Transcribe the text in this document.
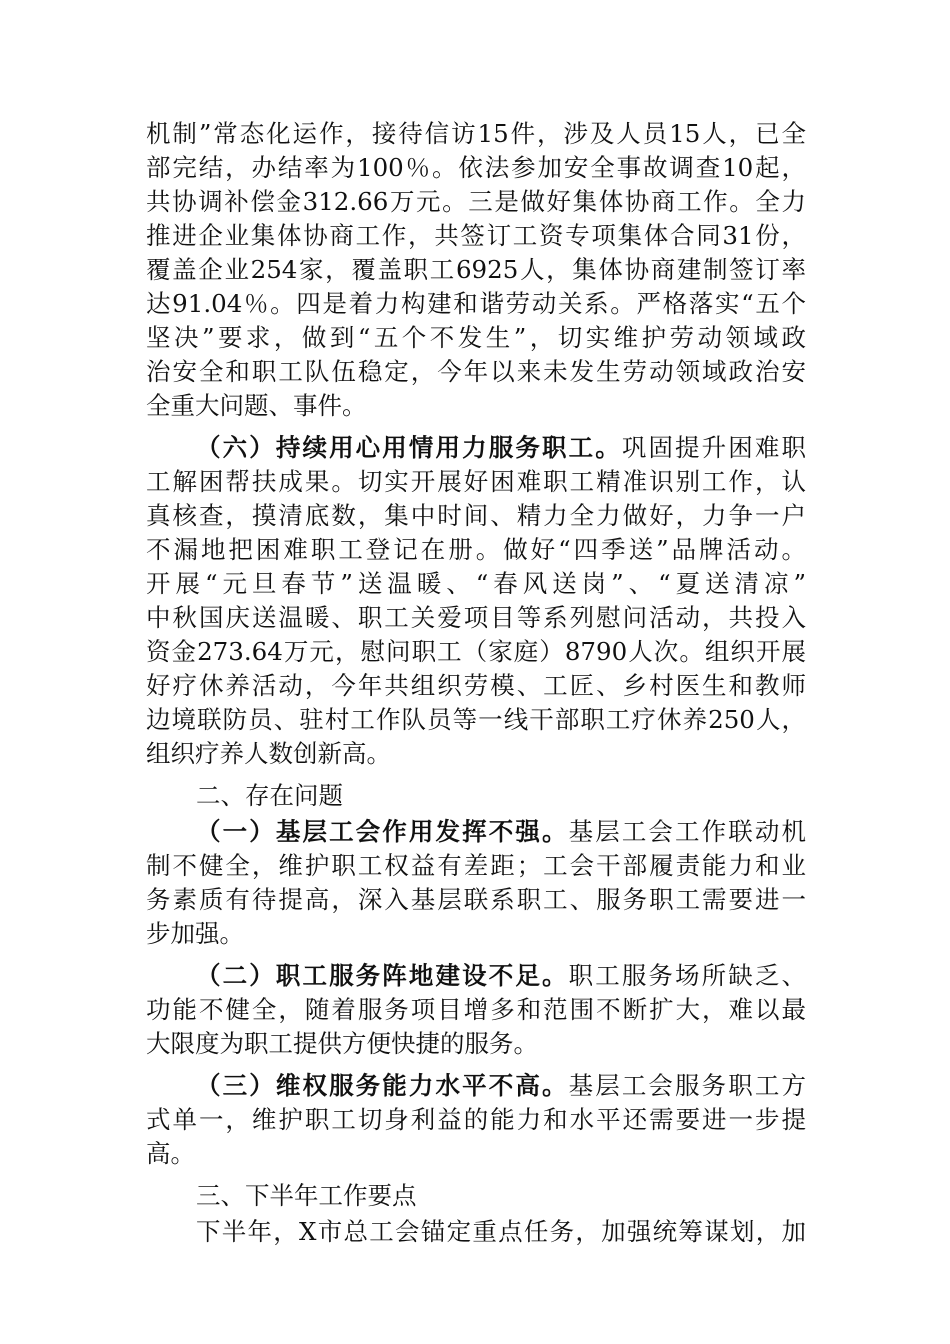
机制”常态化运作，接待信访15件，涉及人员15人，已全
部完结，办结率为100％。依法参加安全事故调查10起，
共协调补偿金312.66万元。三是做好集体协商工作。全力
推进企业集体协商工作，共签订工资专项集体合同31份，
覆盖企业254家，覆盖职工6925人，集体协商建制签订率
达91.04％。四是着力构建和谐劳动关系。严格落实“五个
坚决”要求，做到“五个不发生”，切实维护劳动领域政
治安全和职工队伍稳定，今年以来未发生劳动领域政治安
全重大问题、事件。
（六）持续用心用情用力服务职工。巩固提升困难职
工解困帮扶成果。切实开展好困难职工精准识别工作，认
真核查，摸清底数，集中时间、精力全力做好，力争一户
不漏地把困难职工登记在册。做好“四季送”品牌活动。
开展“元旦春节”送温暖、“春风送岗”、“夏送清凉”
中秋国庆送温暖、职工关爱项目等系列慰问活动，共投入
资金273.64万元，慰问职工（家庭）8790人次。组织开展
好疗休养活动，今年共组织劳模、工匠、乡村医生和教师
边境联防员、驻村工作队员等一线干部职工疗休养250人，
组织疗养人数创新高。
二、存在问题
（一）基层工会作用发挥不强。基层工会工作联动机
制不健全，维护职工权益有差距；工会干部履责能力和业
务素质有待提高，深入基层联系职工、服务职工需要进一
步加强。
（二）职工服务阵地建设不足。职工服务场所缺乏、
功能不健全，随着服务项目增多和范围不断扩大，难以最
大限度为职工提供方便快捷的服务。
（三）维权服务能力水平不高。基层工会服务职工方
式单一，维护职工切身利益的能力和水平还需要进一步提
高。
三、下半年工作要点
下半年，X市总工会锚定重点任务，加强统筹谋划，加
